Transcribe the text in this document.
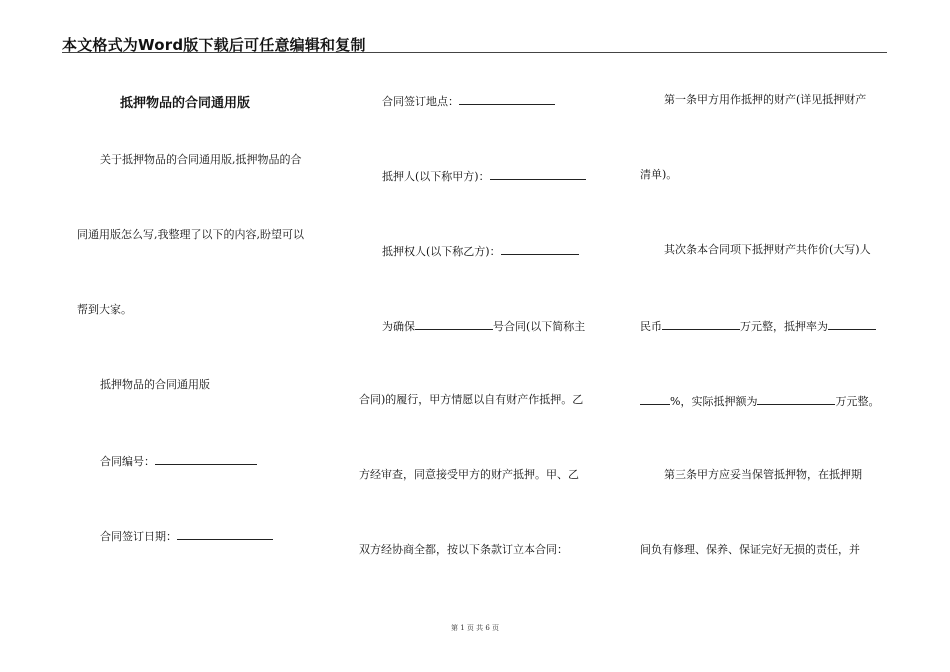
本文格式为Word版下载后可任意编辑和复制
抵押物品的合同通用版
关于抵押物品的合同通用版,抵押物品的合
同通用版怎么写,我整理了以下的内容,盼望可以
帮到大家。
抵押物品的合同通用版
合同编号：
合同签订日期：
合同签订地点：
抵押人(以下称甲方)：
抵押权人(以下称乙方)：
为确保	号合同(以下简称主
合同)的履行，甲方情愿以自有财产作抵押。乙
方经审查，同意接受甲方的财产抵押。甲、乙
双方经协商全都，按以下条款订立本合同：
第一条甲方用作抵押的财产(详见抵押财产
清单)。
其次条本合同项下抵押财产共作价(大写)人
民币	万元整，抵押率为
%，实际抵押额为	万元整。
第三条甲方应妥当保管抵押物，在抵押期
间负有修理、保养、保证完好无损的责任，并
第 1 页 共 6 页
